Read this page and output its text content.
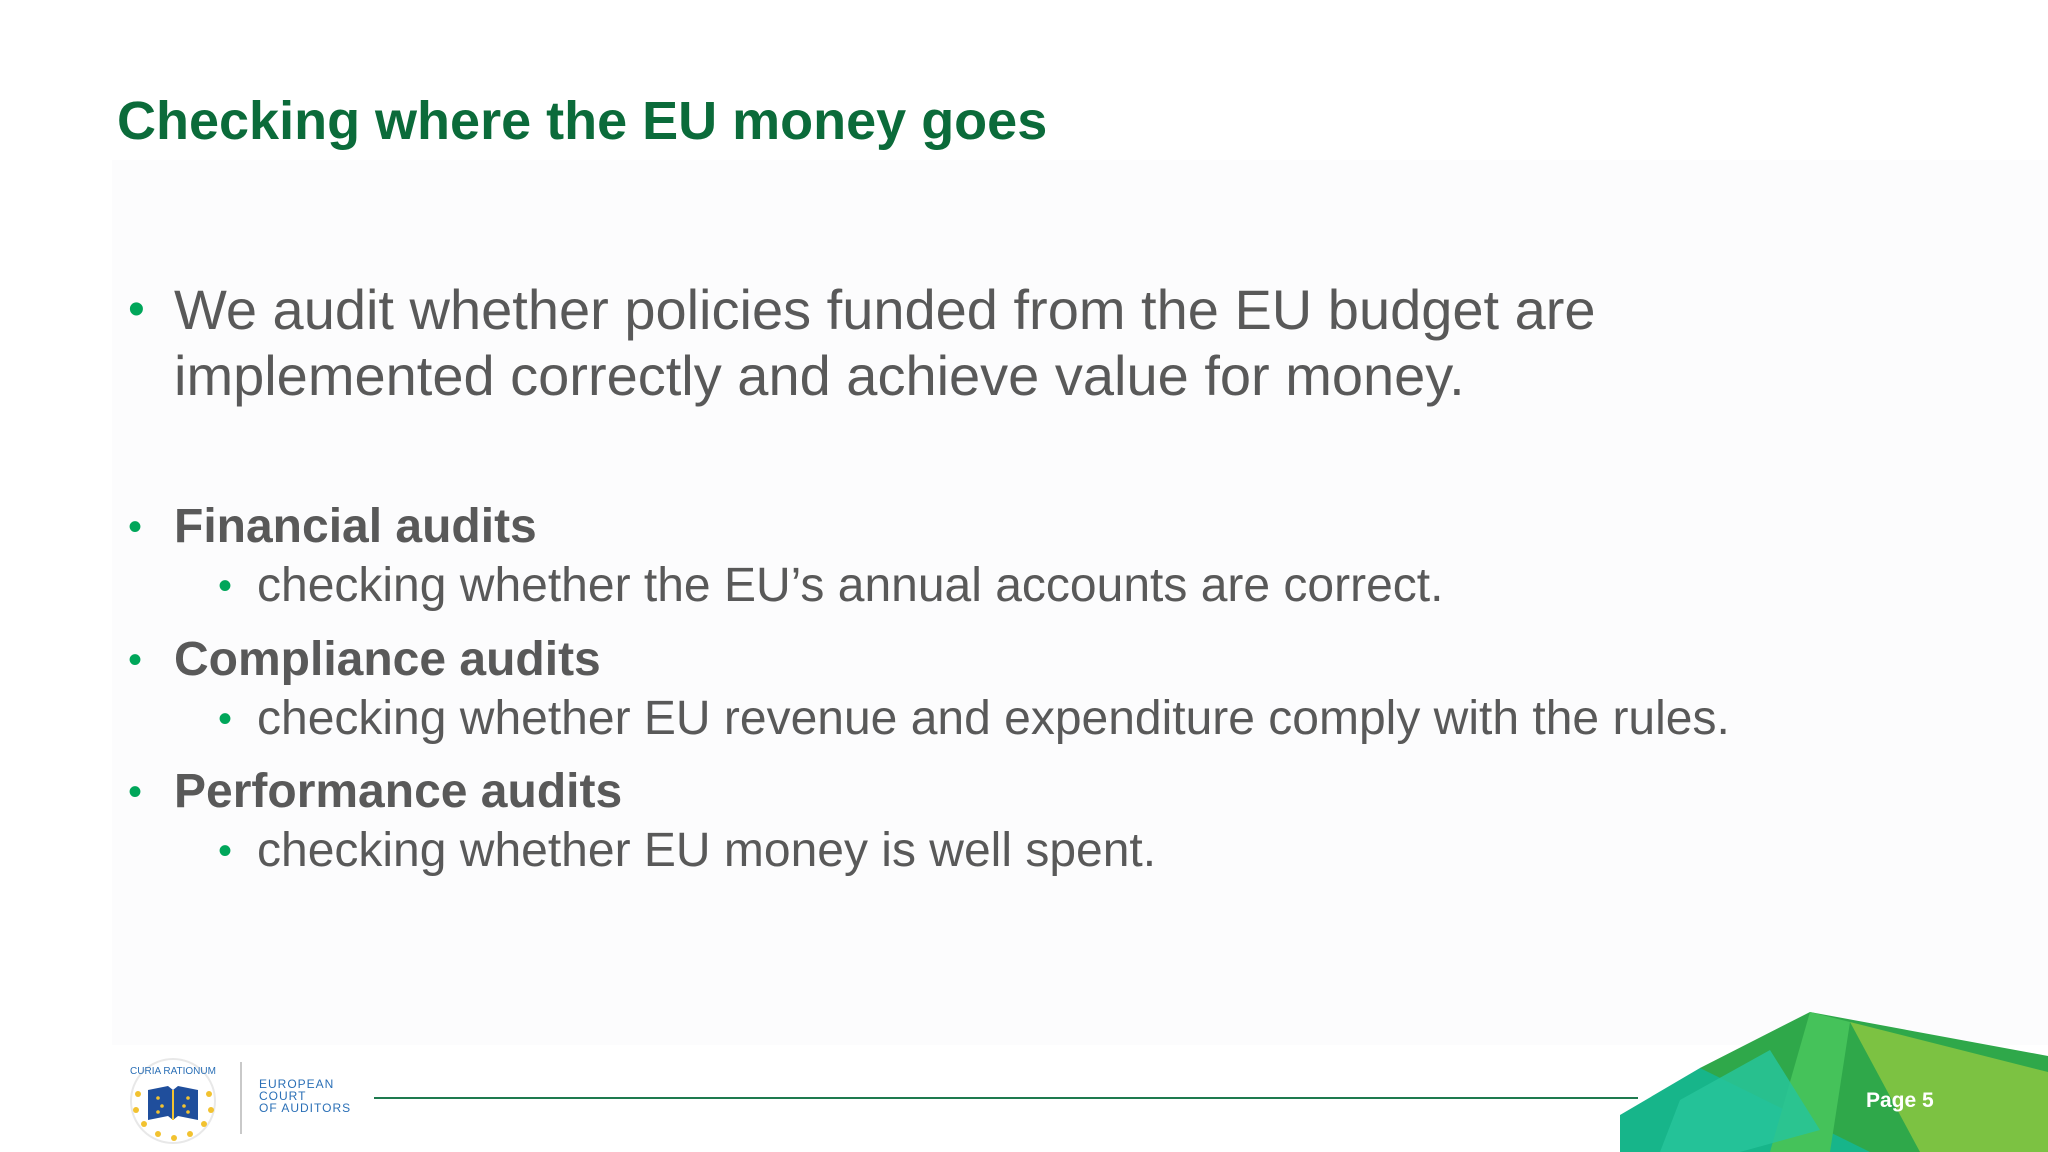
Checking where the EU money goes
• We audit whether policies funded from the EU budget are
implemented correctly and achieve value for money.
• Financial audits
• checking whether the EU’s annual accounts are correct.
• Compliance audits
• checking whether EU revenue and expenditure comply with the rules.
• Performance audits
• checking whether EU money is well spent.
CURIA RATIONUM
EUROPEAN
COURT
OF AUDITORS	Page 5
